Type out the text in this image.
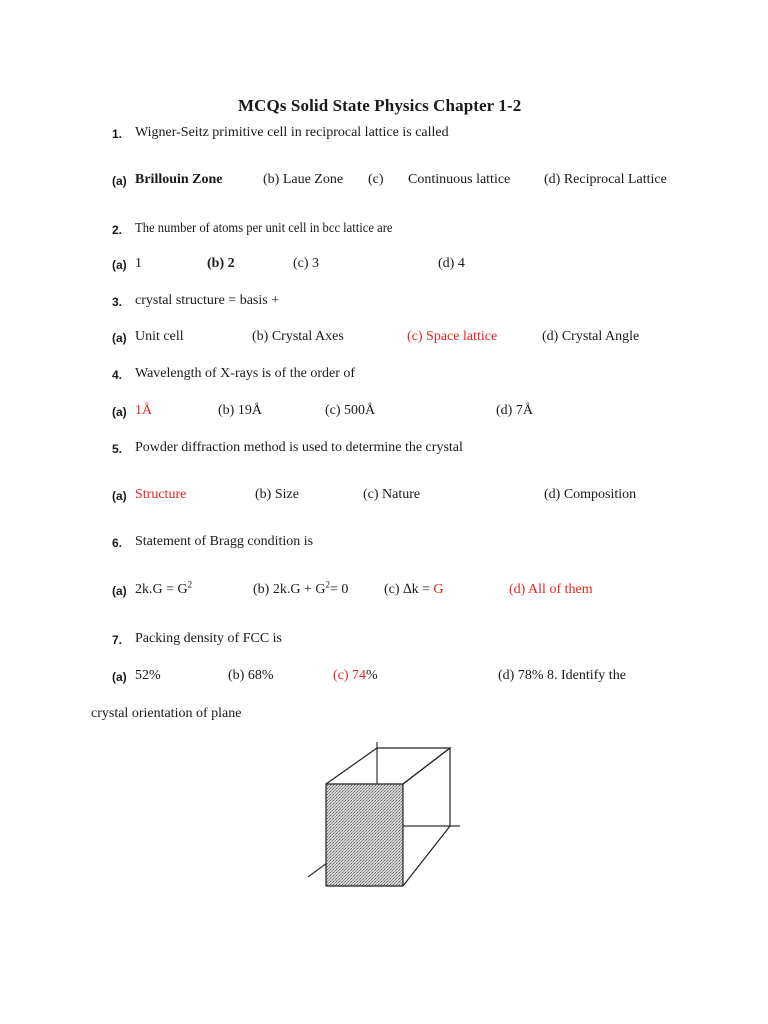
MCQs Solid State Physics Chapter 1-2
1. Wigner-Seitz primitive cell in reciprocal lattice is called
(a) Brillouin Zone	(b) Laue Zone (c) Continuous lattice (d) Reciprocal Lattice
2. The number of atoms per unit cell in bcc lattice are
(a) 1	(b) 2	(c) 3	(d) 4
3. crystal structure = basis +
(a) Unit cell	(b) Crystal Axes	(c) Space lattice	(d) Crystal Angle
4. Wavelength of X-rays is of the order of
(a) 1Å	(b) 19Å	(c) 500Å	(d) 7Å
5. Powder diffraction method is used to determine the crystal
(a) Structure	(b) Size	(c) Nature	(d) Composition
6. Statement of Bragg condition is
(a) $2k.G = G^2$	(b) $2k.G + G^2= 0$	(c) ∆k = G	(d) All of them
7. Packing density of FCC is
(a) 52%	(b) 68%	(c) 74%	(d) 78% 8. Identify the
crystal orientation of plane
